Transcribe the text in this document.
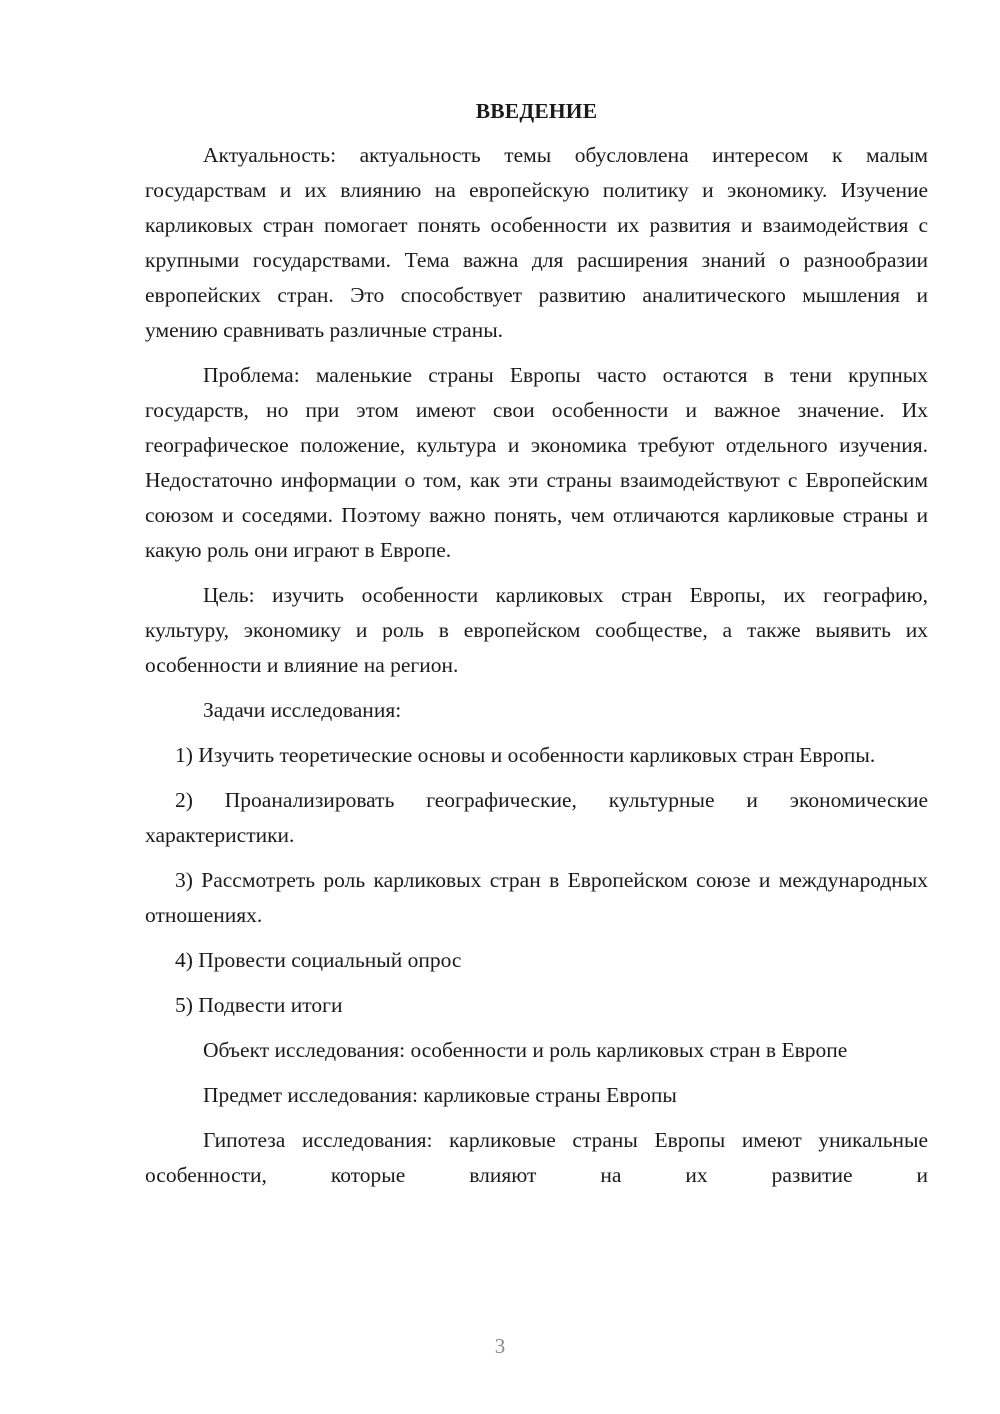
ВВЕДЕНИЕ

Актуальность: актуальность темы обусловлена интересом к малым государствам и их влиянию на европейскую политику и экономику. Изучение карликовых стран помогает понять особенности их развития и взаимодействия с крупными государствами. Тема важна для расширения знаний о разнообразии европейских стран. Это способствует развитию аналитического мышления и умению сравнивать различные страны.

Проблема: маленькие страны Европы часто остаются в тени крупных государств, но при этом имеют свои особенности и важное значение. Их географическое положение, культура и экономика требуют отдельного изучения. Недостаточно информации о том, как эти страны взаимодействуют с Европейским союзом и соседями. Поэтому важно понять, чем отличаются карликовые страны и какую роль они играют в Европе.

Цель: изучить особенности карликовых стран Европы, их географию, культуру, экономику и роль в европейском сообществе, а также выявить их особенности и влияние на регион.

Задачи исследования:

1) Изучить теоретические основы и особенности карликовых стран Европы.

2) Проанализировать географические, культурные и экономические характеристики.

3) Рассмотреть роль карликовых стран в Европейском союзе и международных отношениях.

4) Провести социальный опрос

5) Подвести итоги

Объект исследования: особенности и роль карликовых стран в Европе

Предмет исследования: карликовые страны Европы

Гипотеза исследования: карликовые страны Европы имеют уникальные особенности, которые влияют на их развитие и

3
